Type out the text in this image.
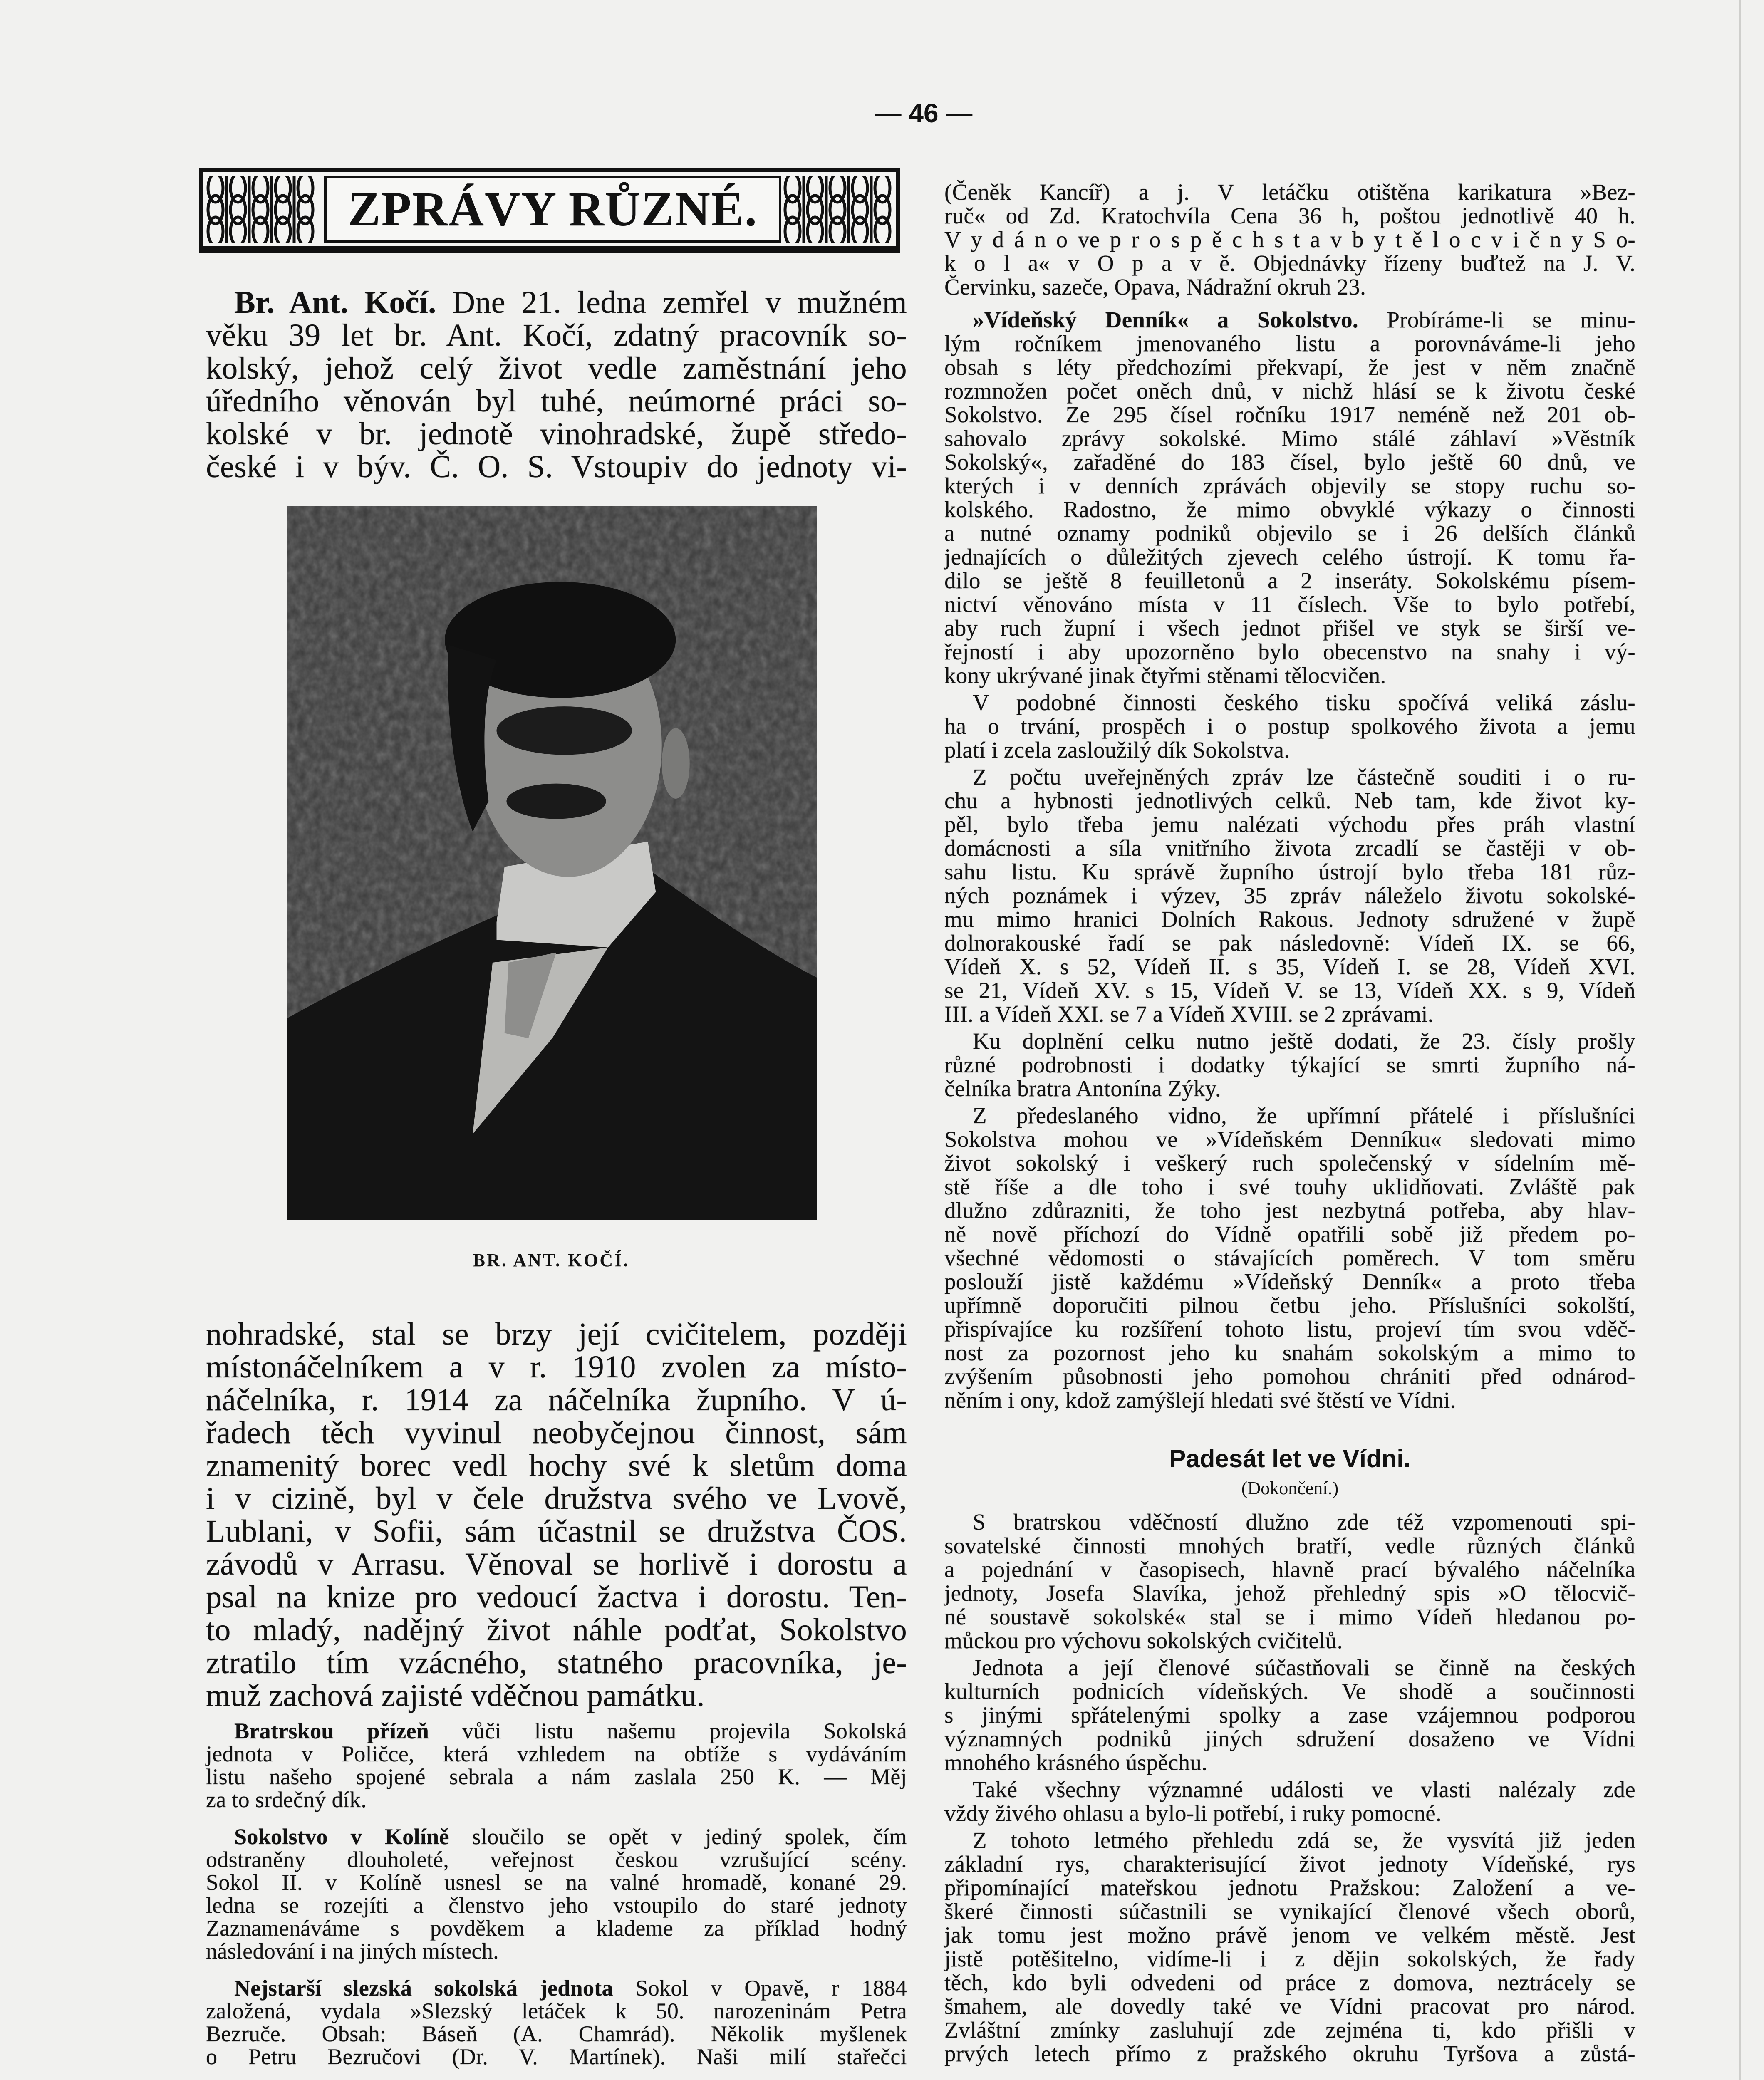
— 46 —
ZPRÁVY RŮZNÉ.
Br. Ant. Kočí. Dne 21. ledna zemřel v mužném
věku 39 let br. Ant. Kočí, zdatný pracovník so-
kolský, jehož celý život vedle zaměstnání jeho
úředního věnován byl tuhé, neúmorné práci so-
kolské v br. jednotě vinohradské, župě středo-
české i v býv. Č. O. S. Vstoupiv do jednoty vi-
BR. ANT. KOČÍ.
nohradské, stal se brzy její cvičitelem, později
místonáčelníkem a v r. 1910 zvolen za místo-
náčelníka, r. 1914 za náčelníka župního. V ú-
řadech těch vyvinul neobyčejnou činnost, sám
znamenitý borec vedl hochy své k sletům doma
i v cizině, byl v čele družstva svého ve Lvově,
Lublani, v Sofii, sám účastnil se družstva ČOS.
závodů v Arrasu. Věnoval se horlivě i dorostu a
psal na knize pro vedoucí žactva i dorostu. Ten-
to mladý, nadějný život náhle podťat, Sokolstvo
ztratilo tím vzácného, statného pracovníka, je-
muž zachová zajisté vděčnou památku.
Bratrskou přízeň vůči listu našemu projevila Sokolská
jednota v Poličce, která vzhledem na obtíže s vydáváním
listu našeho spojené sebrala a nám zaslala 250 K. — Měj
za to srdečný dík.
Sokolstvo v Kolíně sloučilo se opět v jediný spolek, čím
odstraněny dlouholeté, veřejnost českou vzrušující scény.
Sokol II. v Kolíně usnesl se na valné hromadě, konané 29.
ledna se rozejíti a členstvo jeho vstoupilo do staré jednoty
Zaznamenáváme s povděkem a klademe za příklad hodný
následování i na jiných místech.
Nejstarší slezská sokolská jednota Sokol v Opavě, r 1884
založená, vydala »Slezský letáček k 50. narozeninám Petra
Bezruče. Obsah: Báseň (A. Chamrád). Několik myšlenek
o Petru Bezručovi (Dr. V. Martínek). Naši milí stařečci
(Čeněk Kancíř) a j. V letáčku otištěna karikatura »Bez-
ruč« od Zd. Kratochvíla Cena 36 h, poštou jednotlivě 40 h.
V y d á n o ve p r o s p ě c h s t a v b y t ě l o c v i č n y S o-
k o l a« v O p a v ě. Objednávky řízeny buďtež na J. V.
Červinku, sazeče, Opava, Nádražní okruh 23.
»Vídeňský Denník« a Sokolstvo. Probíráme-li se minu-
lým ročníkem jmenovaného listu a porovnáváme-li jeho
obsah s léty předchozími překvapí, že jest v něm značně
rozmnožen počet oněch dnů, v nichž hlásí se k životu české
Sokolstvo. Ze 295 čísel ročníku 1917 neméně než 201 ob-
sahovalo zprávy sokolské. Mimo stálé záhlaví »Věstník
Sokolský«, zařaděné do 183 čísel, bylo ještě 60 dnů, ve
kterých i v denních zprávách objevily se stopy ruchu so-
kolského. Radostno, že mimo obvyklé výkazy o činnosti
a nutné oznamy podniků objevilo se i 26 delších článků
jednajících o důležitých zjevech celého ústrojí. K tomu řa-
dilo se ještě 8 feuilletonů a 2 inseráty. Sokolskému písem-
nictví věnováno místa v 11 číslech. Vše to bylo potřebí,
aby ruch župní i všech jednot přišel ve styk se širší ve-
řejností i aby upozorněno bylo obecenstvo na snahy i vý-
kony ukrývané jinak čtyřmi stěnami tělocvičen.
V podobné činnosti českého tisku spočívá veliká záslu-
ha o trvání, prospěch i o postup spolkového života a jemu
platí i zcela zasloužilý dík Sokolstva.
Z počtu uveřejněných zpráv lze částečně souditi i o ru-
chu a hybnosti jednotlivých celků. Neb tam, kde život ky-
pěl, bylo třeba jemu nalézati východu přes práh vlastní
domácnosti a síla vnitřního života zrcadlí se častěji v ob-
sahu listu. Ku správě župního ústrojí bylo třeba 181 růz-
ných poznámek i výzev, 35 zpráv náleželo životu sokolské-
mu mimo hranici Dolních Rakous. Jednoty sdružené v župě
dolnorakouské řadí se pak následovně: Vídeň IX. se 66,
Vídeň X. s 52, Vídeň II. s 35, Vídeň I. se 28, Vídeň XVI.
se 21, Vídeň XV. s 15, Vídeň V. se 13, Vídeň XX. s 9, Vídeň
III. a Vídeň XXI. se 7 a Vídeň XVIII. se 2 zprávami.
Ku doplnění celku nutno ještě dodati, že 23. čísly prošly
různé podrobnosti i dodatky týkající se smrti župního ná-
čelníka bratra Antonína Zýky.
Z předeslaného vidno, že upřímní přátelé i příslušníci
Sokolstva mohou ve »Vídeňském Denníku« sledovati mimo
život sokolský i veškerý ruch společenský v sídelním mě-
stě říše a dle toho i své touhy uklidňovati. Zvláště pak
dlužno zdůrazniti, že toho jest nezbytná potřeba, aby hlav-
ně nově příchozí do Vídně opatřili sobě již předem po-
všechné vědomosti o stávajících poměrech. V tom směru
poslouží jistě každému »Vídeňský Denník« a proto třeba
upřímně doporučiti pilnou četbu jeho. Příslušníci sokolští,
přispívajíce ku rozšíření tohoto listu, projeví tím svou vděč-
nost za pozornost jeho ku snahám sokolským a mimo to
zvýšením působnosti jeho pomohou chrániti před odnárod-
něním i ony, kdož zamýšlejí hledati své štěstí ve Vídni.
Padesát let ve Vídni.
(Dokončení.)
S bratrskou vděčností dlužno zde též vzpomenouti spi-
sovatelské činnosti mnohých bratří, vedle různých článků
a pojednání v časopisech, hlavně prací bývalého náčelníka
jednoty, Josefa Slavíka, jehož přehledný spis »O tělocvič-
né soustavě sokolské« stal se i mimo Vídeň hledanou po-
můckou pro výchovu sokolských cvičitelů.
Jednota a její členové súčastňovali se činně na českých
kulturních podnicích vídeňských. Ve shodě a součinnosti
s jinými spřátelenými spolky a zase vzájemnou podporou
významných podniků jiných sdružení dosaženo ve Vídni
mnohého krásného úspěchu.
Také všechny významné události ve vlasti nalézaly zde
vždy živého ohlasu a bylo-li potřebí, i ruky pomocné.
Z tohoto letmého přehledu zdá se, že vysvítá již jeden
základní rys, charakterisující život jednoty Vídeňské, rys
připomínající mateřskou jednotu Pražskou: Založení a ve-
škeré činnosti súčastnili se vynikající členové všech oborů,
jak tomu jest možno právě jenom ve velkém městě. Jest
jistě potěšitelno, vidíme-li i z dějin sokolských, že řady
těch, kdo byli odvedeni od práce z domova, neztrácely se
šmahem, ale dovedly také ve Vídni pracovat pro národ.
Zvláštní zmínky zasluhují zde zejména ti, kdo přišli v
prvých letech přímo z pražského okruhu Tyršova a zůstá-
